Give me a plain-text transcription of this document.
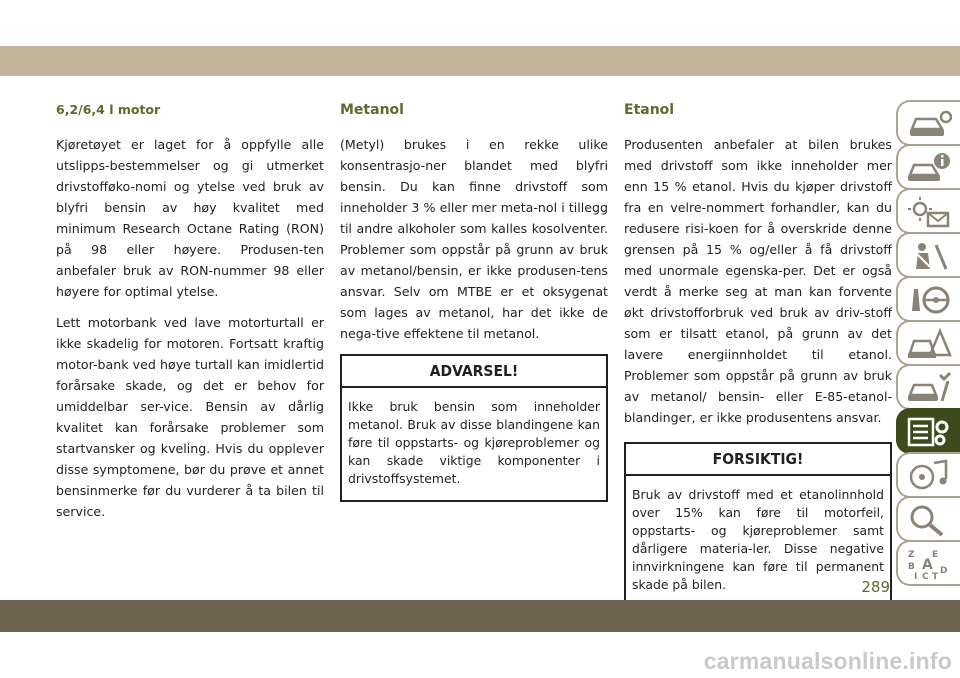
6,2/6,4 l motor

Kjøretøyet er laget for å oppfylle alle utslipps-bestemmelser og gi utmerket drivstofføko-nomi og ytelse ved bruk av blyfri bensin av høy kvalitet med minimum Research Octane Rating (RON) på 98 eller høyere. Produsen-ten anbefaler bruk av RON-nummer 98 eller høyere for optimal ytelse.

Lett motorbank ved lave motorturtall er ikke skadelig for motoren. Fortsatt kraftig motor-bank ved høye turtall kan imidlertid forårsake skade, og det er behov for umiddelbar ser-vice. Bensin av dårlig kvalitet kan forårsake problemer som startvansker og kveling. Hvis du opplever disse symptomene, bør du prøve et annet bensinmerke før du vurderer å ta bilen til service.

Metanol

(Metyl) brukes i en rekke ulike konsentrasjo-ner blandet med blyfri bensin. Du kan finne drivstoff som inneholder 3 % eller mer meta-nol i tillegg til andre alkoholer som kalles kosolventer. Problemer som oppstår på grunn av bruk av metanol/bensin, er ikke produsen-tens ansvar. Selv om MTBE er et oksygenat som lages av metanol, har det ikke de nega-tive effektene til metanol.

ADVARSEL!

Ikke bruk bensin som inneholder metanol. Bruk av disse blandingene kan føre til oppstarts- og kjøreproblemer og kan skade viktige komponenter i drivstoffsystemet.

Etanol

Produsenten anbefaler at bilen brukes med drivstoff som ikke inneholder mer enn 15 % etanol. Hvis du kjøper drivstoff fra en velre-nommert forhandler, kan du redusere risi-koen for å overskride denne grensen på 15 % og/eller å få drivstoff med unormale egenska-per. Det er også verdt å merke seg at man kan forvente økt drivstofforbruk ved bruk av driv-stoff som er tilsatt etanol, på grunn av det lavere energiinnholdet til etanol. Problemer som oppstår på grunn av bruk av metanol/ bensin- eller E-85-etanol-blandinger, er ikke produsentens ansvar.

FORSIKTIG!

Bruk av drivstoff med et etanolinnhold over 15% kan føre til motorfeil, oppstarts- og kjøreproblemer samt dårligere materia-ler. Disse negative innvirkningene kan føre til permanent skade på bilen.

Z E
B A
I C T
D
289
carmanualsonline.info
